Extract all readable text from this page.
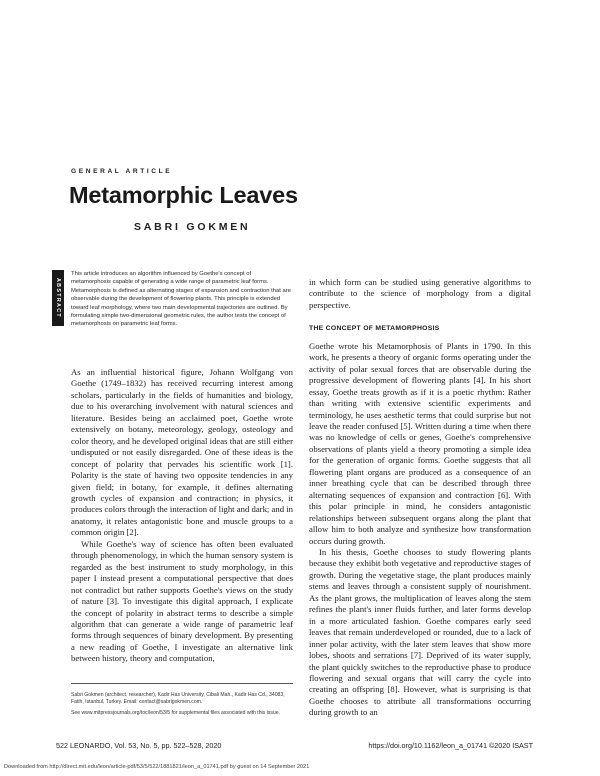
GENERAL ARTICLE
Metamorphic Leaves
SABRI GOKMEN
ABSTRACT

This article introduces an algorithm influenced by Goethe's concept of metamorphosis capable of generating a wide range of parametric leaf forms. Metamorphosis is defined as alternating stages of expansion and contraction that are observable during the development of flowering plants. This principle is extended toward leaf morphology, where two main developmental trajectories are outlined. By formulating simple two-dimensional geometric rules, the author tests the concept of metamorphosis on parametric leaf forms.

As an influential historical figure, Johann Wolfgang von Goethe (1749–1832) has received recurring interest among scholars, particularly in the fields of humanities and biology, due to his overarching involvement with natural sciences and literature. Besides being an acclaimed poet, Goethe wrote extensively on botany, meteorology, geology, osteology and color theory, and he developed original ideas that are still either undisputed or not easily disregarded. One of these ideas is the concept of polarity that pervades his scientific work [1]. Polarity is the state of having two opposite tendencies in any given field; in botany, for example, it defines alternating growth cycles of expansion and contraction; in physics, it produces colors through the interaction of light and dark; and in anatomy, it relates antagonistic bone and muscle groups to a common origin [2].

While Goethe's way of science has often been evaluated through phenomenology, in which the human sensory system is regarded as the best instrument to study morphology, in this paper I instead present a computational perspective that does not contradict but rather supports Goethe's views on the study of nature [3]. To investigate this digital approach, I explicate the concept of polarity in abstract terms to describe a simple algorithm that can generate a wide range of parametric leaf forms through sequences of binary development. By presenting a new reading of Goethe, I investigate an alternative link between history, theory and computation,

in which form can be studied using generative algorithms to contribute to the science of morphology from a digital perspective.

THE CONCEPT OF METAMORPHOSIS

Goethe wrote his Metamorphosis of Plants in 1790. In this work, he presents a theory of organic forms operating under the activity of polar sexual forces that are observable during the progressive development of flowering plants [4]. In his short essay, Goethe treats growth as if it is a poetic rhythm: Rather than writing with extensive scientific experiments and terminology, he uses aesthetic terms that could surprise but not leave the reader confused [5]. Written during a time when there was no knowledge of cells or genes, Goethe's comprehensive observations of plants yield a theory promoting a simple idea for the generation of organic forms. Goethe suggests that all flowering plant organs are produced as a consequence of an inner breathing cycle that can be described through three alternating sequences of expansion and contraction [6]. With this polar principle in mind, he considers antagonistic relationships between subsequent organs along the plant that allow him to both analyze and synthesize how transformation occurs during growth.

In his thesis, Goethe chooses to study flowering plants because they exhibit both vegetative and reproductive stages of growth. During the vegetative stage, the plant produces mainly stems and leaves through a consistent supply of nourishment. As the plant grows, the multiplication of leaves along the stem refines the plant's inner fluids further, and later forms develop in a more articulated fashion. Goethe compares early seed leaves that remain underdeveloped or rounded, due to a lack of inner polar activity, with the later stem leaves that show more lobes, shoots and serrations [7]. Deprived of its water supply, the plant quickly switches to the reproductive phase to produce flowering and sexual organs that will carry the cycle into creating an offspring [8]. However, what is surprising is that Goethe chooses to attribute all transformations occurring during growth to an

Sabri Gokmen (architect, researcher), Kadir Has University, Cibali Mah., Kadir Has Cd., 34083, Fatih, Istanbul, Turkey. Email: contact@sabrigokmen.com.

See www.mitpressjournals.org/toc/leon/53/5 for supplemental files associated with this issue.

522 LEONARDO, Vol. 53, No. 5, pp. 522–528, 2020	https://doi.org/10.1162/leon_a_01741 ©2020 ISAST
Downloaded from http://direct.mit.edu/leon/article-pdf/53/5/522/1881821/leon_a_01741.pdf by guest on 14 September 2021
